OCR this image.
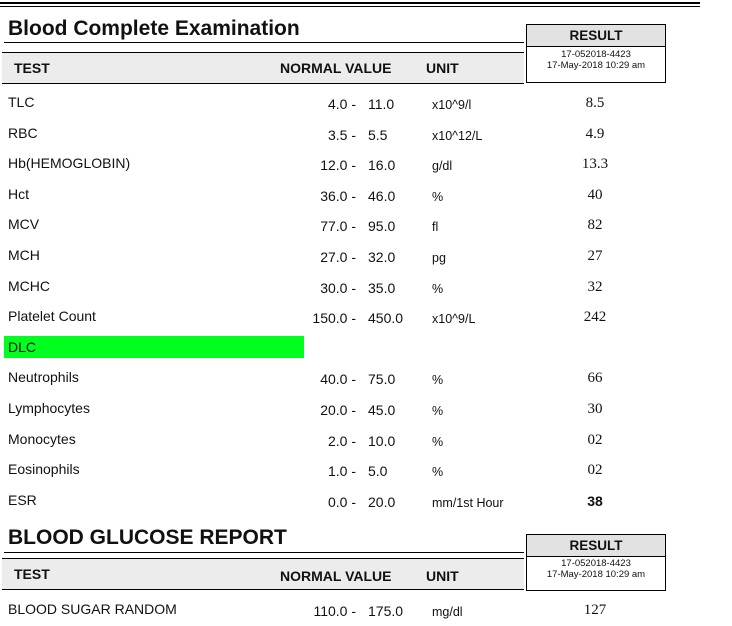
Blood Complete Examination
TEST	NORMAL VALUE UNIT
RESULT
17-052018-4423
17-May-2018 10:29 am
TLC	4.0 - 11.0	x10^9/l	8.5
RBC	3.5 - 5.5	x10^12/L	4.9
Hb(HEMOGLOBIN)	12.0 - 16.0	g/dl	13.3
Hct	36.0 - 46.0	%	40
MCV	77.0 - 95.0	fl	82
MCH	27.0 - 32.0	pg	27
MCHC	30.0 - 35.0	%	32
Platelet Count	150.0 - 450.0 x10^9/L	242
DLC
Neutrophils	40.0 - 75.0	%	66
Lymphocytes	20.0 - 45.0	%	30
Monocytes	2.0 - 10.0	%	02
Eosinophils	1.0 - 5.0	%	02
ESR	0.0 - 20.0	mm/1st Hour	38
BLOOD GLUCOSE REPORT
TEST	NORMAL VALUE UNIT
RESULT
17-052018-4423
17-May-2018 10:29 am
BLOOD SUGAR RANDOM	110.0 - 175.0 mg/dl	127
